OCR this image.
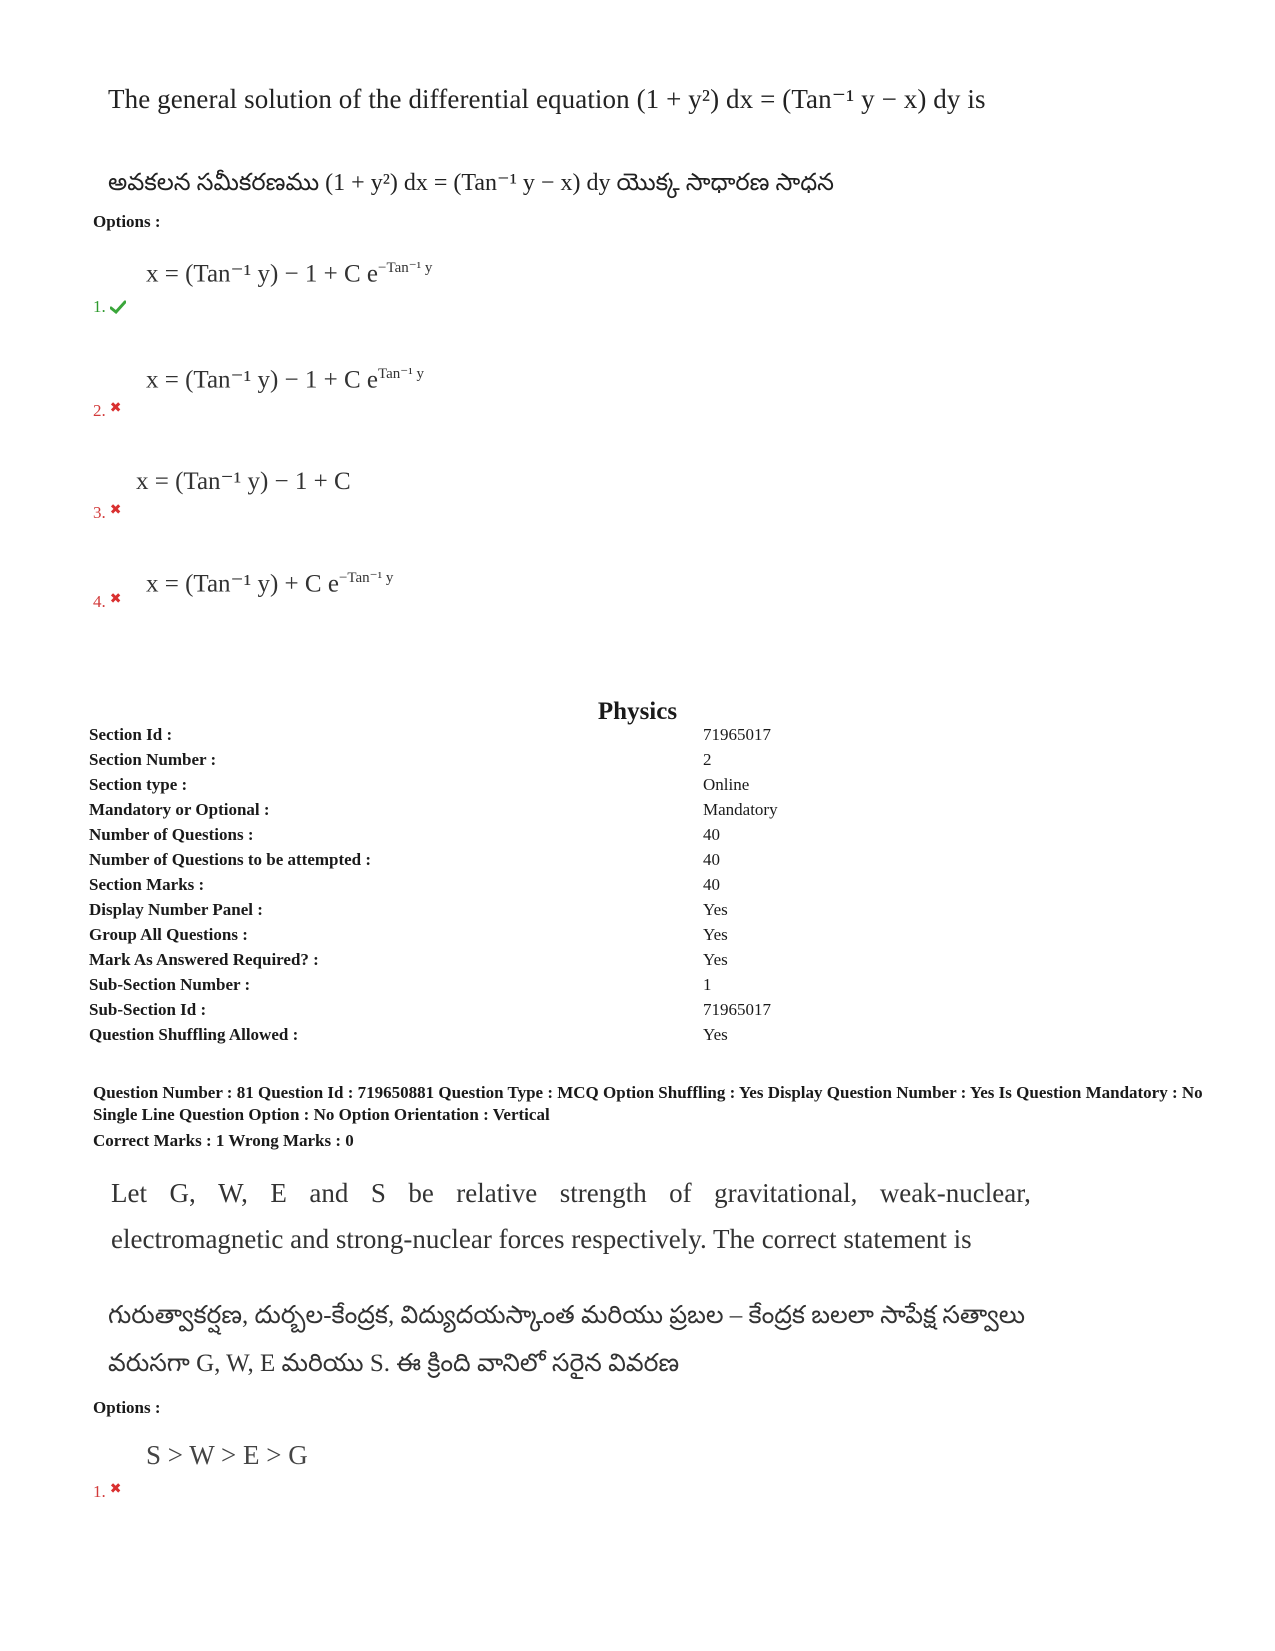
The general solution of the differential equation (1 + y²) dx = (Tan⁻¹ y − x) dy is
అవకలన సమీకరణము (1 + y²) dx = (Tan⁻¹ y − x) dy యొక్క సాధారణ సాధన
Options :
x = (Tan⁻¹ y) − 1 + C $e^{-Tan^{-1} y}$
1.
x = (Tan⁻¹ y) − 1 + C $e^{Tan^{-1} y}$
2. ✖
x = (Tan⁻¹ y) − 1 + C
3. ✖
x = (Tan⁻¹ y) + C $e^{-Tan^{-1} y}$
4. ✖
Physics
Section Id :	71965017
Section Number :	2
Section type :	Online
Mandatory or Optional :	Mandatory
Number of Questions :	40
Number of Questions to be attempted :	40
Section Marks :	40
Display Number Panel :	Yes
Group All Questions :	Yes
Mark As Answered Required? :	Yes
Sub-Section Number :	1
Sub-Section Id :	71965017
Question Shuffling Allowed :	Yes
Question Number : 81 Question Id : 719650881 Question Type : MCQ Option Shuffling : Yes Display Question Number : Yes Is Question Mandatory : No Single Line Question Option : No Option Orientation : Vertical
Correct Marks : 1 Wrong Marks : 0
Let G, W, E and S be relative strength of gravitational, weak-nuclear,
electromagnetic and strong-nuclear forces respectively. The correct statement is
గురుత్వాకర్షణ, దుర్బల-కేంద్రక, విద్యుదయస్కాంత మరియు ప్రబల – కేంద్రక బలలా సాపేక్ష సత్వాలు
వరుసగా G, W, E మరియు S. ఈ క్రింది వానిలో సరైన వివరణ
Options :
S > W > E > G
1. ✖
